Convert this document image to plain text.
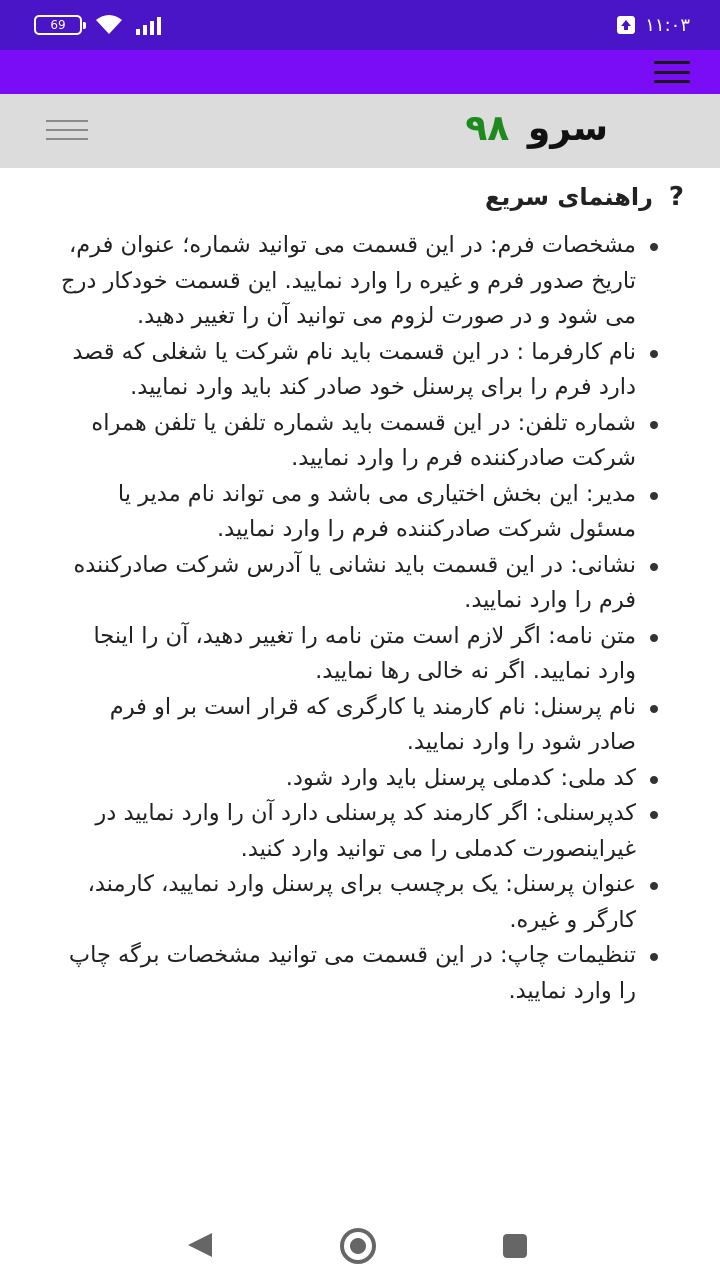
69	۱۱:۰۳
سرو ۹۸
?
راهنمای سریع
مشخصات فرم: در این قسمت می توانید شماره؛ عنوان فرم، تاریخ صدور فرم و غیره را وارد نمایید. این قسمت خودکار درج می شود و در صورت لزوم می توانید آن را تغییر دهید.
نام کارفرما : در این قسمت باید نام شرکت یا شغلی که قصد دارد فرم را برای پرسنل خود صادر کند باید وارد نمایید.
شماره تلفن: در این قسمت باید شماره تلفن یا تلفن همراه شرکت صادرکننده فرم را وارد نمایید.
مدیر: این بخش اختیاری می باشد و می تواند نام مدیر یا مسئول شرکت صادرکننده فرم را وارد نمایید.
نشانی: در این قسمت باید نشانی یا آدرس شرکت صادرکننده فرم را وارد نمایید.
متن نامه: اگر لازم است متن نامه را تغییر دهید، آن را اینجا وارد نمایید. اگر نه خالی رها نمایید.
نام پرسنل: نام کارمند یا کارگری که قرار است بر او فرم صادر شود را وارد نمایید.
کد ملی: کدملی پرسنل باید وارد شود.
کدپرسنلی: اگر کارمند کد پرسنلی دارد آن را وارد نمایید در غیراینصورت کدملی را می توانید وارد کنید.
عنوان پرسنل: یک برچسب برای پرسنل وارد نمایید، کارمند، کارگر و غیره.
تنظیمات چاپ: در این قسمت می توانید مشخصات برگه چاپ را وارد نمایید.
